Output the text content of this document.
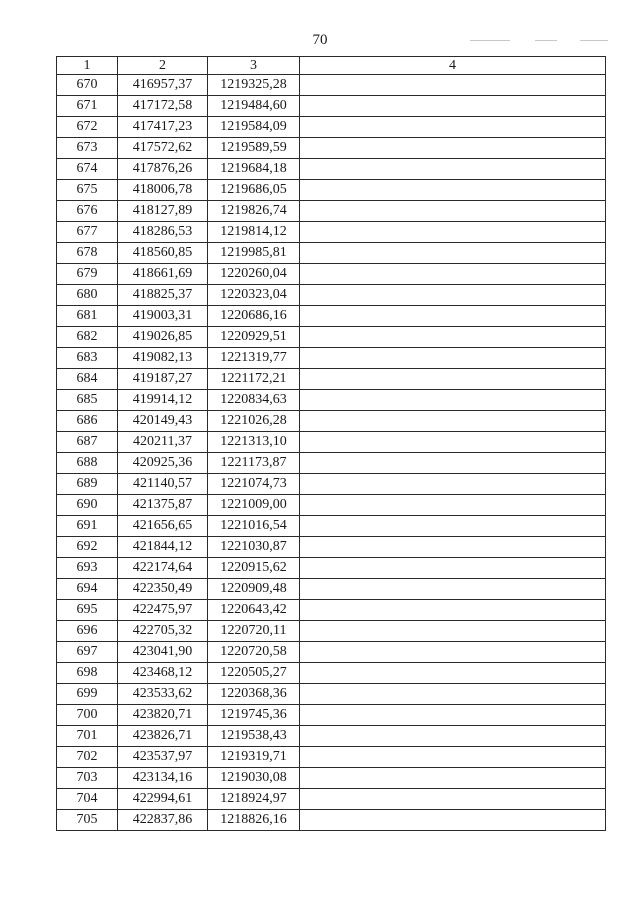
70
1	2	3	4
670	416957,37	1219325,28	
671	417172,58	1219484,60	
672	417417,23	1219584,09	
673	417572,62	1219589,59	
674	417876,26	1219684,18	
675	418006,78	1219686,05	
676	418127,89	1219826,74	
677	418286,53	1219814,12	
678	418560,85	1219985,81	
679	418661,69	1220260,04	
680	418825,37	1220323,04	
681	419003,31	1220686,16	
682	419026,85	1220929,51	
683	419082,13	1221319,77	
684	419187,27	1221172,21	
685	419914,12	1220834,63	
686	420149,43	1221026,28	
687	420211,37	1221313,10	
688	420925,36	1221173,87	
689	421140,57	1221074,73	
690	421375,87	1221009,00	
691	421656,65	1221016,54	
692	421844,12	1221030,87	
693	422174,64	1220915,62	
694	422350,49	1220909,48	
695	422475,97	1220643,42	
696	422705,32	1220720,11	
697	423041,90	1220720,58	
698	423468,12	1220505,27	
699	423533,62	1220368,36	
700	423820,71	1219745,36	
701	423826,71	1219538,43	
702	423537,97	1219319,71	
703	423134,16	1219030,08	
704	422994,61	1218924,97	
705	422837,86	1218826,16	
